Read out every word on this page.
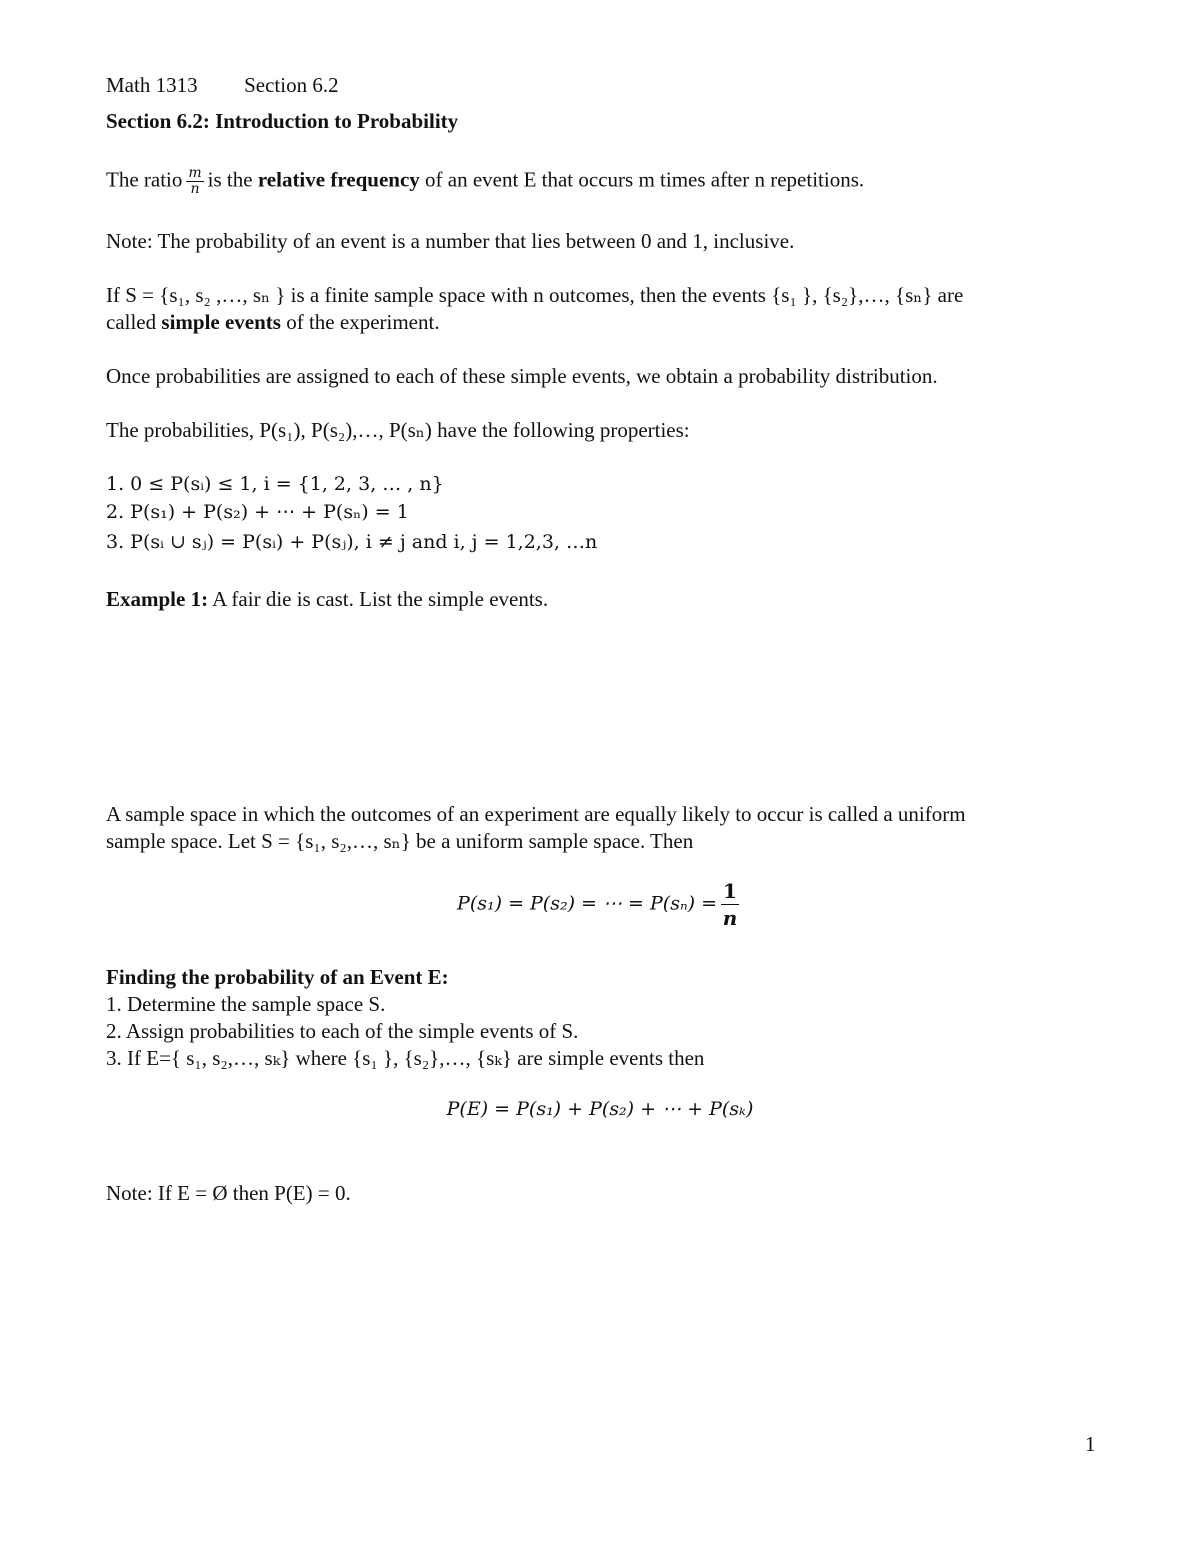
Math 1313 Section 6.2
Section 6.2: Introduction to Probability
The ratio $\frac{m}{n}$ is the relative frequency of an event E that occurs m times after n repetitions.
Note: The probability of an event is a number that lies between 0 and 1, inclusive.
If S = {s₁, s₂ ,…, sₙ } is a finite sample space with n outcomes, then the events {s₁ }, {s₂},…, {sₙ} are
called simple events of the experiment.
Once probabilities are assigned to each of these simple events, we obtain a probability distribution.
The probabilities, P(s₁), P(s₂),…, P(sₙ) have the following properties:
1. 0 ≤ P(sᵢ) ≤ 1, i = {1, 2, 3, … , n}
2. P(s₁) + P(s₂) + ⋯ + P(sₙ) = 1
3. P(sᵢ ∪ sⱼ) = P(sᵢ) + P(sⱼ), i ≠ j and i, j = 1,2,3, …n
Example 1: A fair die is cast. List the simple events.
A sample space in which the outcomes of an experiment are equally likely to occur is called a uniform
sample space. Let S = {s₁, s₂,…, sₙ} be a uniform sample space. Then
P(s₁) = P(s₂) = ⋯ = $P(s_n) = \frac{1}{n}$
Finding the probability of an Event E:
1. Determine the sample space S.
2. Assign probabilities to each of the simple events of S.
3. If E={ s₁, s₂,…, sₖ} where {s₁ }, {s₂},…, {sₖ} are simple events then
P(E) = P(s₁) + P(s₂) + ⋯ + P(sₖ)
Note: If E = Ø then P(E) = 0.
1
